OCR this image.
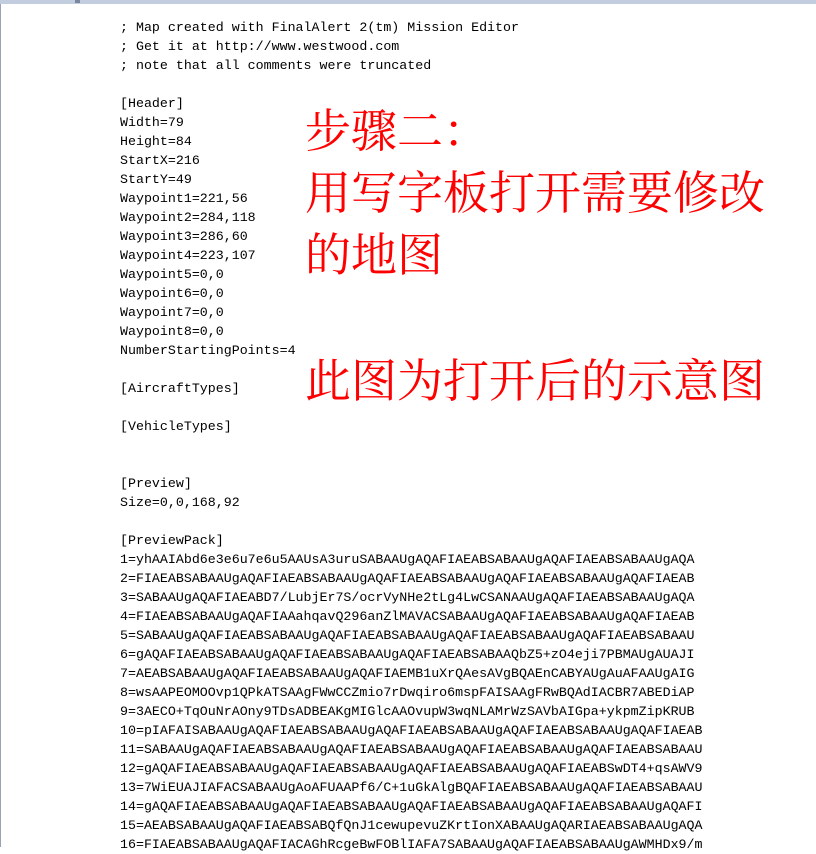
; Map created with FinalAlert 2(tm) Mission Editor
; Get it at http://www.westwood.com
; note that all comments were truncated
[Header]
Width=79
Height=84
StartX=216
StartY=49
Waypoint1=221,56
Waypoint2=284,118
Waypoint3=286,60
Waypoint4=223,107
Waypoint5=0,0
Waypoint6=0,0
Waypoint7=0,0
Waypoint8=0,0
NumberStartingPoints=4
[AircraftTypes]
[VehicleTypes]
[Preview]
Size=0,0,168,92
[PreviewPack]
1=yhAAIAbd6e3e6u7e6u5AAUsA3uruSABAAUgAQAFIAEABSABAAUgAQAFIAEABSABAAUgAQA
2=FIAEABSABAAUgAQAFIAEABSABAAUgAQAFIAEABSABAAUgAQAFIAEABSABAAUgAQAFIAEAB
3=SABAAUgAQAFIAEABD7/LubjEr7S/ocrVyNHe2tLg4LwCSANAAUgAQAFIAEABSABAAUgAQA
4=FIAEABSABAAUgAQAFIAAahqavQ296anZlMAVACSABAAUgAQAFIAEABSABAAUgAQAFIAEAB
5=SABAAUgAQAFIAEABSABAAUgAQAFIAEABSABAAUgAQAFIAEABSABAAUgAQAFIAEABSABAAU
6=gAQAFIAEABSABAAUgAQAFIAEABSABAAUgAQAFIAEABSABAAQbZ5+zO4eji7PBMAUgAUAJI
7=AEABSABAAUgAQAFIAEABSABAAUgAQAFIAEMB1uXrQAesAVgBQAEnCABYAUgAuAFAAUgAIG
8=wsAAPEOMOOvp1QPkATSAAgFWwCCZmio7rDwqiro6mspFAISAAgFRwBQAdIACBR7ABEDiAP
9=3AECO+TqOuNrAOny9TDsADBEAKgMIGlcAAOvupW3wqNLAMrWzSAVbAIGpa+ykpmZipKRUB
10=pIAFAISABAAUgAQAFIAEABSABAAUgAQAFIAEABSABAAUgAQAFIAEABSABAAUgAQAFIAEAB
11=SABAAUgAQAFIAEABSABAAUgAQAFIAEABSABAAUgAQAFIAEABSABAAUgAQAFIAEABSABAAU
12=gAQAFIAEABSABAAUgAQAFIAEABSABAAUgAQAFIAEABSABAAUgAQAFIAEABSwDT4+qsAWV9
13=7WiEUAJIAFACSABAAUgAoAFUAAPf6/C+1uGkAlgBQAFIAEABSABAAUgAQAFIAEABSABAAU
14=gAQAFIAEABSABAAUgAQAFIAEABSABAAUgAQAFIAEABSABAAUgAQAFIAEABSABAAUgAQAFI
15=AEABSABAAUgAQAFIAEABSABQfQnJ1cewupevuZKrtIonXABAAUgAQARIAEABSABAAUgAQA
16=FIAEABSABAAUgAQAFIACAGhRcgeBwFOBlIAFA7SABAAUgAQAFIAEABSABAAUgAWMHDx9/m
步骤二：
用写字板打开需要修改
的地图
此图为打开后的示意图
